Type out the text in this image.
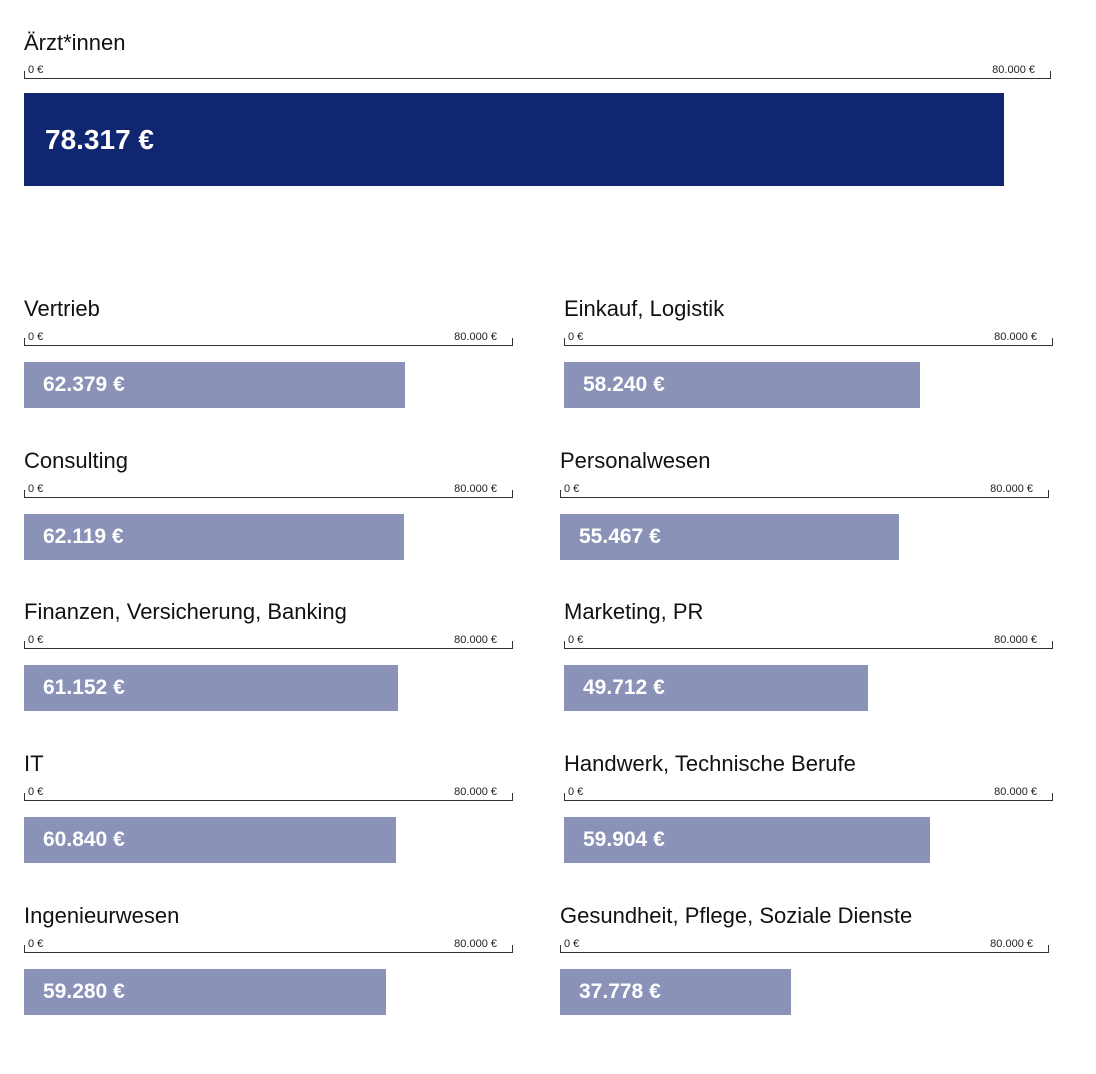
Ärzt*innen
0 €	80.000 €
78.317 €
Vertrieb
0 €	80.000 €
62.379 €
Einkauf, Logistik
0 €	80.000 €
58.240 €
Consulting
0 €	80.000 €
62.119 €
Personalwesen
0 €	80.000 €
55.467 €
Finanzen, Versicherung, Banking
0 €	80.000 €
61.152 €
Marketing, PR
0 €	80.000 €
49.712 €
IT
0 €	80.000 €
60.840 €
Handwerk, Technische Berufe
0 €	80.000 €
59.904 €
Ingenieurwesen
0 €	80.000 €
59.280 €
Gesundheit, Pflege, Soziale Dienste
0 €	80.000 €
37.778 €
